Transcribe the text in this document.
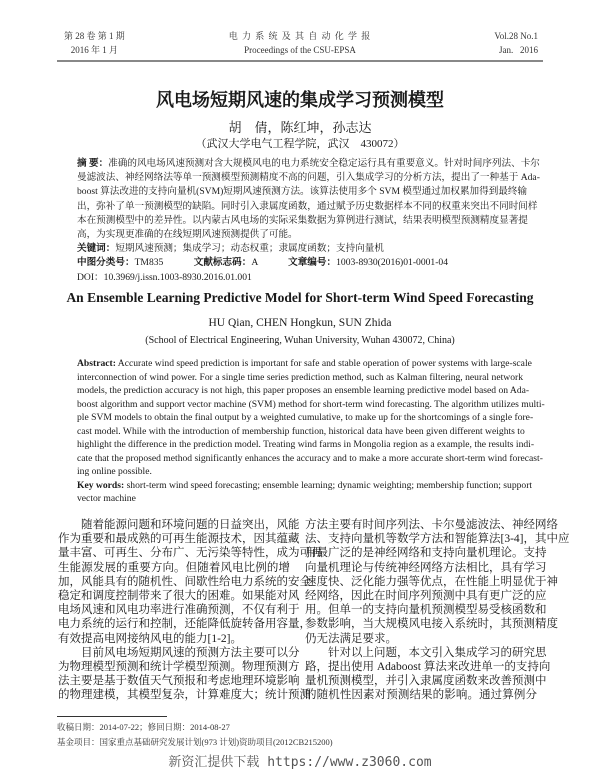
第 28 卷 第 1 期
2016 年 1 月
电 力 系 统 及 其 自 动 化 学 报
Proceedings of the CSU-EPSA
Vol.28 No.1
Jan.   2016
风电场短期风速的集成学习预测模型
胡　倩，陈红坤，孙志达
（武汉大学电气工程学院，武汉　430072）
摘 要：准确的风电场风速预测对含大规模风电的电力系统安全稳定运行具有重要意义。针对时间序列法、卡尔
曼滤波法、神经网络法等单一预测模型预测精度不高的问题，引入集成学习的分析方法，提出了一种基于 Ada-
boost 算法改进的支持向量机(SVM)短期风速预测方法。该算法使用多个 SVM 模型通过加权累加得到最终输
出，弥补了单一预测模型的缺陷。同时引入隶属度函数，通过赋予历史数据样本不同的权重来突出不同时间样
本在预测模型中的差异性。以内蒙古风电场的实际采集数据为算例进行测试，结果表明模型预测精度显著提
高，为实现更准确的在线短期风速预测提供了可能。
关键词：短期风速预测；集成学习；动态权重；隶属度函数；支持向量机
中图分类号：TM835	文献标志码：A	文章编号：1003-8930(2016)01-0001-04
DOI：10.3969/j.issn.1003-8930.2016.01.001
An Ensemble Learning Predictive Model for Short-term Wind Speed Forecasting
HU Qian, CHEN Hongkun, SUN Zhida
(School of Electrical Engineering, Wuhan University, Wuhan 430072, China)
Abstract: Accurate wind speed prediction is important for safe and stable operation of power systems with large-scale
interconnection of wind power. For a single time series prediction method, such as Kalman filtering, neural network
models, the prediction accuracy is not high, this paper proposes an ensemble learning predictive model based on Ada-
boost algorithm and support vector machine (SVM) method for short-term wind forecasting. The algorithm utilizes multi-
ple SVM models to obtain the final output by a weighted cumulative, to make up for the shortcomings of a single fore-
cast model. While with the introduction of membership function, historical data have been given different weights to
highlight the difference in the prediction model. Treating wind farms in Mongolia region as a example, the results indi-
cate that the proposed method significantly enhances the accuracy and to make a more accurate short-term wind forecast-
ing online possible.
Key words: short-term wind speed forecasting; ensemble learning; dynamic weighting; membership function; support
vector machine
随着能源问题和环境问题的日益突出，风能
作为重要和最成熟的可再生能源技术，因其蕴藏
量丰富、可再生、分布广、无污染等特性，成为可再
生能源发展的重要方向。但随着风电比例的增
加，风能具有的随机性、间歇性给电力系统的安全
稳定和调度控制带来了很大的困难。如果能对风
电场风速和风电功率进行准确预测，不仅有利于
电力系统的运行和控制，还能降低旋转备用容量，
有效提高电网接纳风电的能力[1-2]。
目前风电场短期风速的预测方法主要可以分
为物理模型预测和统计学模型预测。物理预测方
法主要是基于数值天气预报和考虑地理环境影响
的物理建模，其模型复杂，计算难度大；统计预测
方法主要有时间序列法、卡尔曼滤波法、神经网络
法、支持向量机等数学方法和智能算法[3-4]，其中应
用最广泛的是神经网络和支持向量机理论。支持
向量机理论与传统神经网络方法相比，具有学习
速度快、泛化能力强等优点，在性能上明显优于神
经网络，因此在时间序列预测中具有更广泛的应
用。但单一的支持向量机预测模型易受核函数和
参数影响，当大规模风电接入系统时，其预测精度
仍无法满足要求。
针对以上问题，本文引入集成学习的研究思
路，提出使用 Adaboost 算法来改进单一的支持向
量机预测模型，并引入隶属度函数来改善预测中
的随机性因素对预测结果的影响。通过算例分
收稿日期：2014-07-22；修回日期：2014-08-27
基金项目：国家重点基础研究发展计划(973 计划)资助项目(2012CB215200)
新资汇提供下载 https://www.z3060.com
